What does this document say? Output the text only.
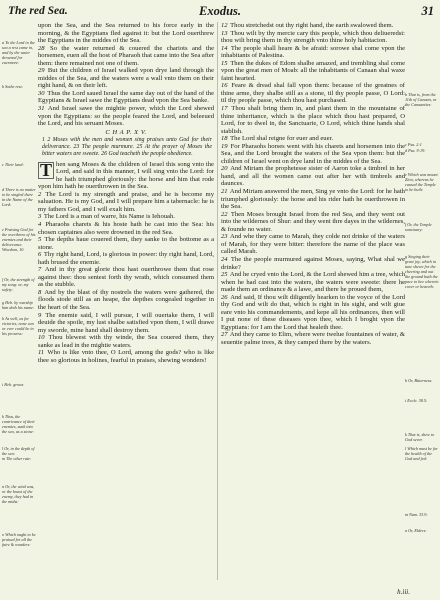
The red Sea.	Exodus.	31
a To the Lord in the sea a rest came in, and by the water drowned for euermore:
b Sothe rest:
c Their land:
d There is no matter to be singled there in the Name of the Lord:
e Praising God for the overthrow of his enemies and their deliverance. Wisedom, 10.
f Or, the strength of my song: or, my safety:
g Heb. by warship him doth his name:
h As well, as for victories, none can or ever could be in his prowess:
i Heb. grows
k Thus, the contrivance of their enemies, sunk into the sea, as a stone:
l Or, in the depth of the sea:
m The other rate:
n Or, the wind was, or the boast of the enemy, they had in the midst:
o Which ought to be praised for all the faire & wonders:
b That is, from the 11th of Canaan, or the Canaanites:
c Psa. 2:1
d Psa. 9:19:
e Which was mount Zion, whereas he caused the Temple to be built:
f Or, the Temple sanctuary:
g Singing their great joy, which in tune shewe for the cheering and out the ground hath the pace to bee wherein cover or heareth:
h Or, Bitterness:
i Eccle. 38.5:
k That is, shew to God sever.
l Which must be for the health of the God and fed:
m Num. 33.9:
n Or, Elders:

upon the Sea, and the Sea returned to his force early in the morning, & the Egyptians fled against it: but the Lord ouerthrew the Egyptians in the middes of the Sea.

28 So the water returned & couered the chariots and the horsemen, euen all the host of Pharaoh that came into the Sea after them: there remained not one of them.

29 But the children of Israel walked vpon drye land through the middes of the Sea, and the waters were a wall vnto them on their right hand, & on their left.

30 Thus the Lord saued Israel the same day out of the hand of the Egyptians & Israel sawe the Egyptians dead vpon the Sea banke.

31 And Israel sawe the mightie power, which the Lord shewed vpon the Egyptians: so the people feared the Lord, and beleeued the Lord, and his seruant Moses.

C H A P. X V.
1 2 Moses with the men and women sing praises unto God for their deliverance. 23 The people murmure. 25 At the prayer of Moses the bitter waters are sweete. 26 God teacheth the people obedience.

T hen sang Moses & the children of Israel this song vnto the Lord, and said in this manner, I will sing vnto the Lord: for he hath triumphed gloriously: the horse and him that rode vpon him hath he ouerthrowen in the Sea.

2 The Lord is my strength and praise, and he is become my saluation. He is my God, and I will prepare him a tabernacle: he is my fathers God, and I will exalt him.

3 The Lord is a man of warre, his Name is Iehouah.

4 Pharaohs charets & his hoste hath he cast into the Sea: his chosen captaines also were drowned in the red Sea.

5 The depths haue couered them, they sanke to the bottome as a stone.

6 Thy right hand, Lord, is glorious in power: thy right hand, Lord, hath brused the enemie.

7 And in thy great glorie thou hast ouerthrowe them that rose against thee: thou sentest forth thy wrath, which consumed them as the stubble.

8 And by the blast of thy nostrels the waters were gathered, the floods stode still as an heape, the depthes congealed together in the heart of the Sea.

9 The enemie said, I will pursue, I will ouertake them, I will deuide the spoile, my lust shalbe satisfied vpon them, I will drawe my sworde, mine hand shall destroy them.

10 Thou blewest with thy winde, the Sea couered them, they sanke as lead in the mightie waters.

11 Who is like vnto thee, O Lord, among the gods? who is like thee so glorious in holines, fearful in praises, shewing wonders!

12 Thou stretchedst out thy right hand, the earth swalowed them.

13 Thou wilt by thy mercie cary this people, which thou deliueredst: thou wilt bring them in thy strength vnto thine holy habitacion.

14 The people shall heare & be afraid: sorowe shal come vpon the inhabitants of Palestina.

15 Then the dukes of Edom shalbe amazed, and trembling shal come vpon the great men of Moab: all the inhabitants of Canaan shal waxe faint hearted.

16 Feare & dread shal fall vpon them: because of the greatnes of thine arme, they shalbe still as a stone, til thy people passe, O Lord: til thy people passe, which thou hast purchased.

17 Thou shalt bring them in, and plant them in the mountaine of thine inheritance, which is the place which thou hast prepared, O Lord, for to dwel in, the Sanctuarie, O Lord, which thine hands shal stablish.

18 The Lord shal reigne for euer and euer.

19 For Pharaohs horses went with his charets and horsemen into the Sea, and the Lord brought the waters of the Sea vpon them: but the children of Israel went on drye land in the middes of the Sea.

20 And Miriam the prophetesse sister of Aaron toke a timbrel in her hand, and all the women came out after her with timbrels and daunces.

21 And Miriam answered the men, Sing ye vnto the Lord: for he hath triumphed gloriously: the horse and his rider hath he ouerthrowen in the Sea.

22 Then Moses brought Israel from the red Sea, and they went out into the wildernes of Shur: and they went thre dayes in the wildernes, & founde no water.

23 And whe they came to Marah, they colde not drinke of the waters of Marah, for they were bitter: therefore the name of the place was called Marah.

24 The the people murmured against Moses, saying, What shal we drinke?

25 And he cryed vnto the Lord, & the Lord shewed him a tree, which when he had cast into the waters, the waters were sweete: there he made them an ordinance & a lawe, and there he proued them,

26 And said, If thou wilt diligently hearken to the voyce of the Lord thy God and wilt do that, which is right in his sight, and wilt giue eare vnto his commandements, and kepe all his ordinances, then will I put none of these diseases vpon thee, which I broght vpon the Egyptians: for I am the Lord that healeth thee.

27 And they came to Elim, where were twelue fountaines of water, & seuentie palme trees, & they camped there by the waters.

h.iii.
